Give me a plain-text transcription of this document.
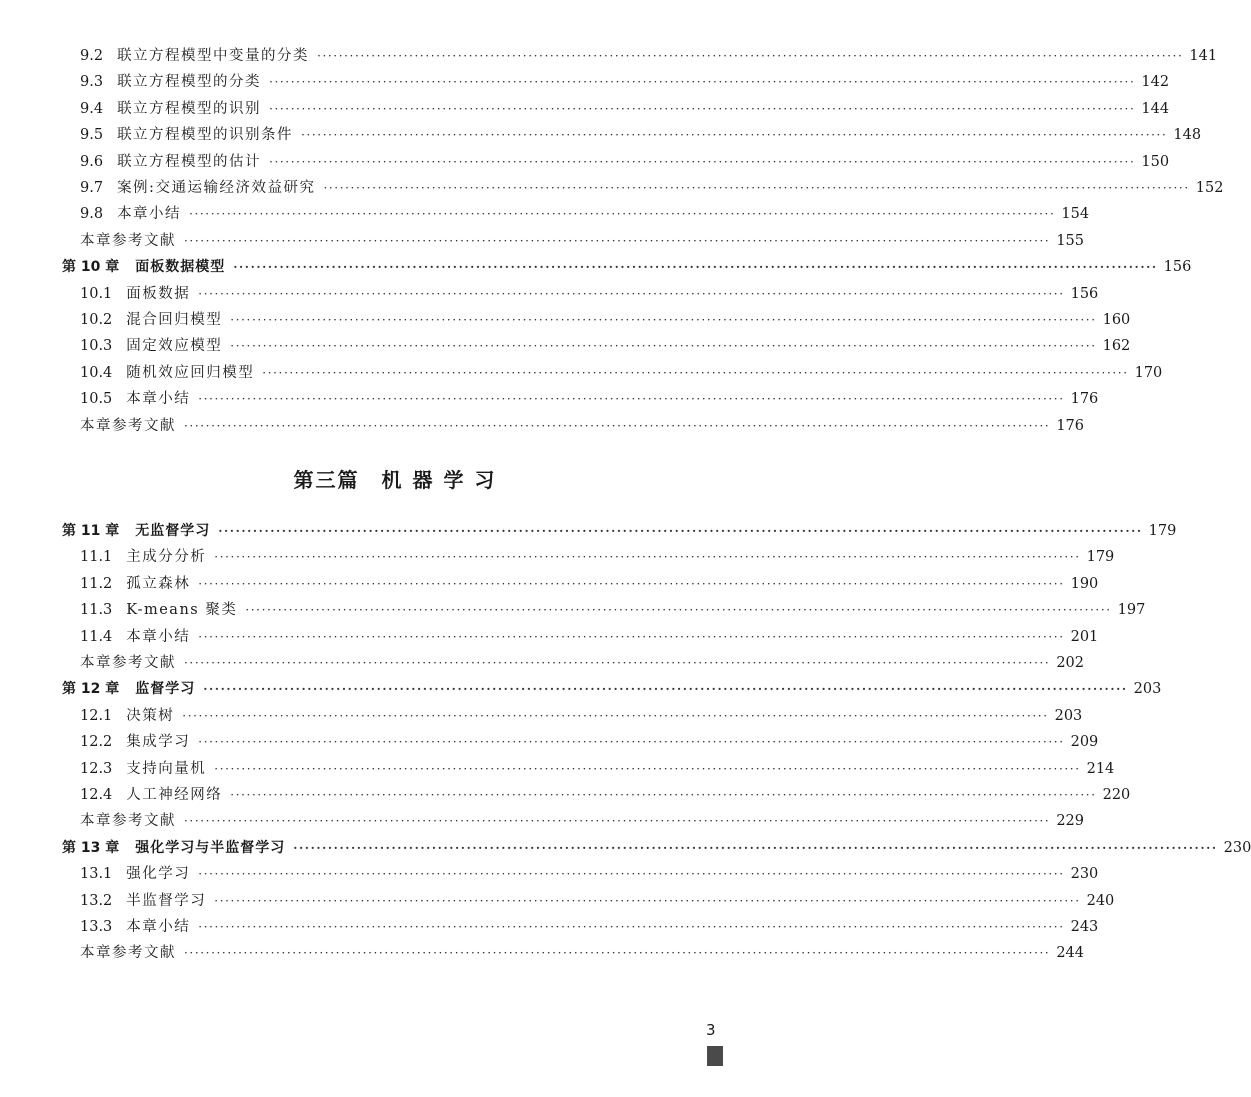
9.2 联立方程模型中变量的分类 ································································································································································ 141
9.3 联立方程模型的分类 ································································································································································ 142
9.4 联立方程模型的识别 ································································································································································ 144
9.5 联立方程模型的识别条件 ································································································································································ 148
9.6 联立方程模型的估计 ································································································································································ 150
9.7 案例:交通运输经济效益研究 ································································································································································ 152
9.8 本章小结 ································································································································································ 154
本章参考文献 ································································································································································ 155
第 10 章 面板数据模型 ································································································································································ 156
10.1 面板数据 ································································································································································ 156
10.2 混合回归模型 ································································································································································ 160
10.3 固定效应模型 ································································································································································ 162
10.4 随机效应回归模型 ································································································································································ 170
10.5 本章小结 ································································································································································ 176
本章参考文献 ································································································································································ 176
第 11 章 无监督学习 ································································································································································ 179
11.1 主成分分析 ································································································································································ 179
11.2 孤立森林 ································································································································································ 190
11.3 K-means 聚类 ································································································································································ 197
11.4 本章小结 ································································································································································ 201
本章参考文献 ································································································································································ 202
第 12 章 监督学习 ································································································································································ 203
12.1 决策树 ································································································································································ 203
12.2 集成学习 ································································································································································ 209
12.3 支持向量机 ································································································································································ 214
12.4 人工神经网络 ································································································································································ 220
本章参考文献 ································································································································································ 229
第 13 章 强化学习与半监督学习 ································································································································································ 230
13.1 强化学习 ································································································································································ 230
13.2 半监督学习 ································································································································································ 240
13.3 本章小结 ································································································································································ 243
本章参考文献 ································································································································································ 244
第三篇　机 器 学 习
3
